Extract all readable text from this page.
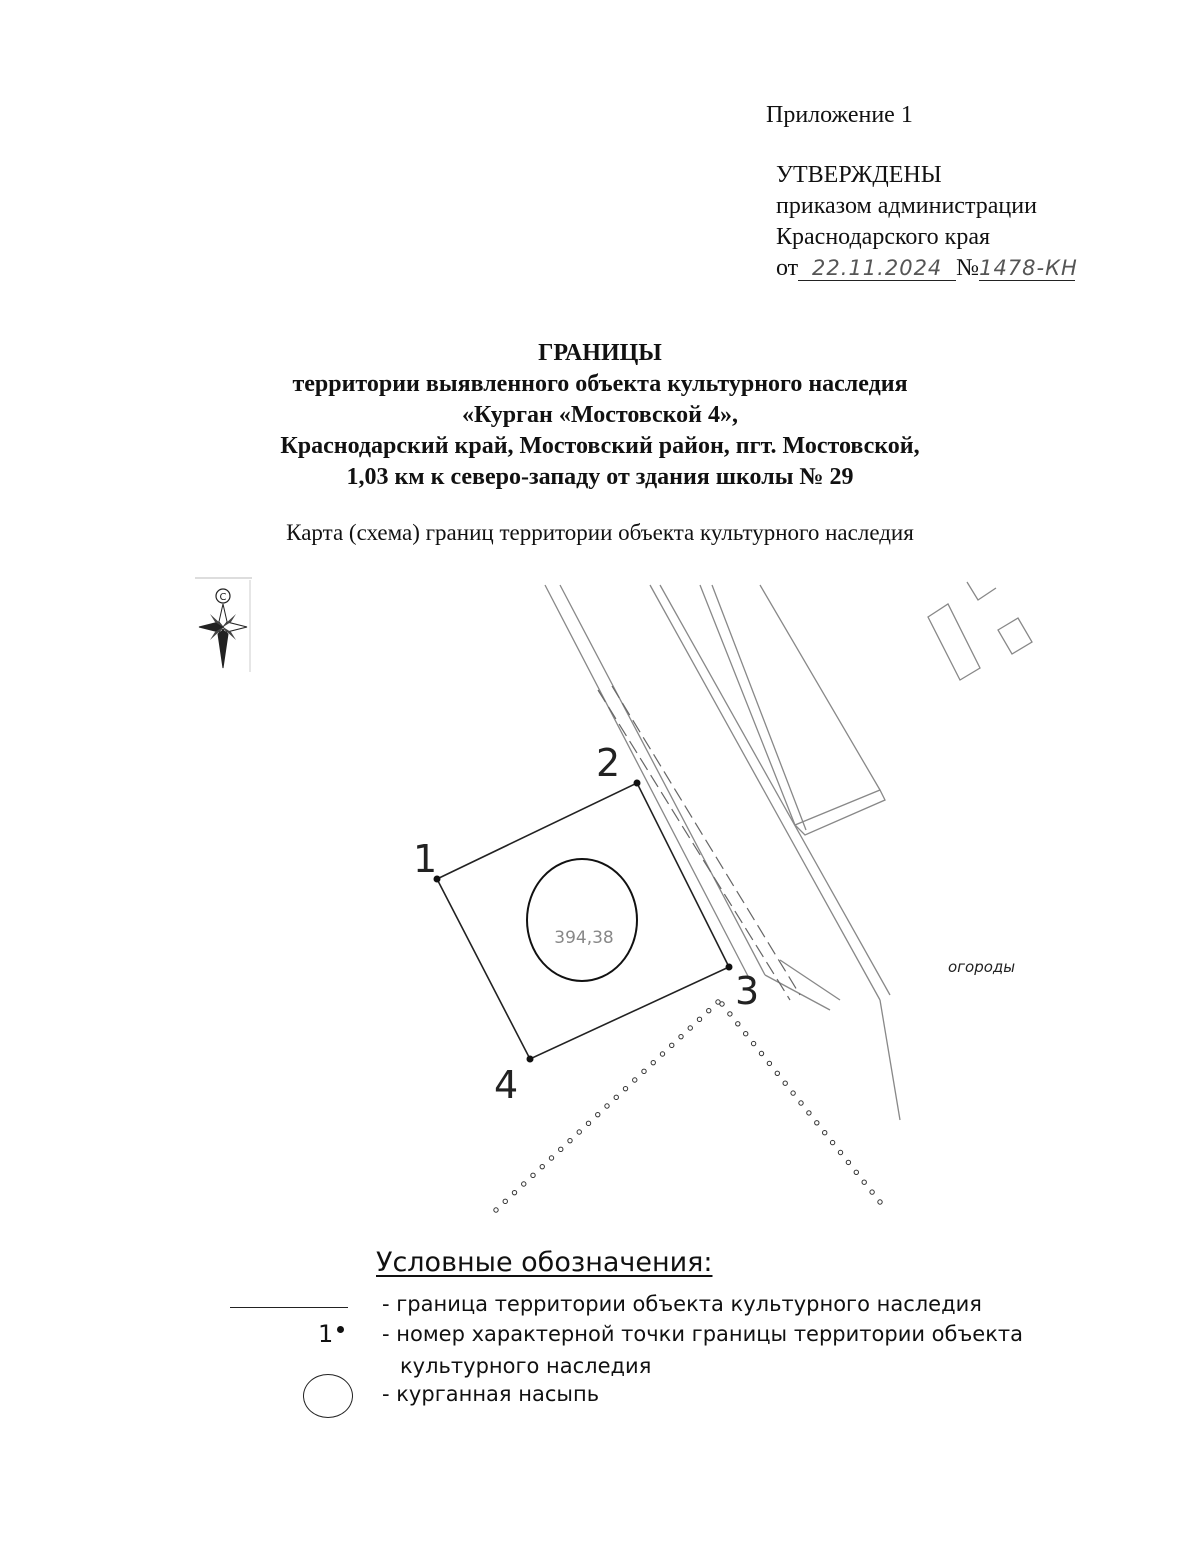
Приложение 1
УТВЕРЖДЕНЫ
приказом администрации
Краснодарского края
от 22.11.2024 №1478-КН
ГРАНИЦЫ
территории выявленного объекта культурного наследия
«Курган «Мостовской 4»,
Краснодарский край, Мостовский район, пгт. Мостовской,
1,03 км к северо-западу от здания школы № 29
Карта (схема) границ территории объекта культурного наследия
С
1
2
3
4
394,38
огороды
Условные обозначения:
- граница территории объекта культурного наследия
1	- номер характерной точки границы территории объекта
культурного наследия
- курганная насыпь
